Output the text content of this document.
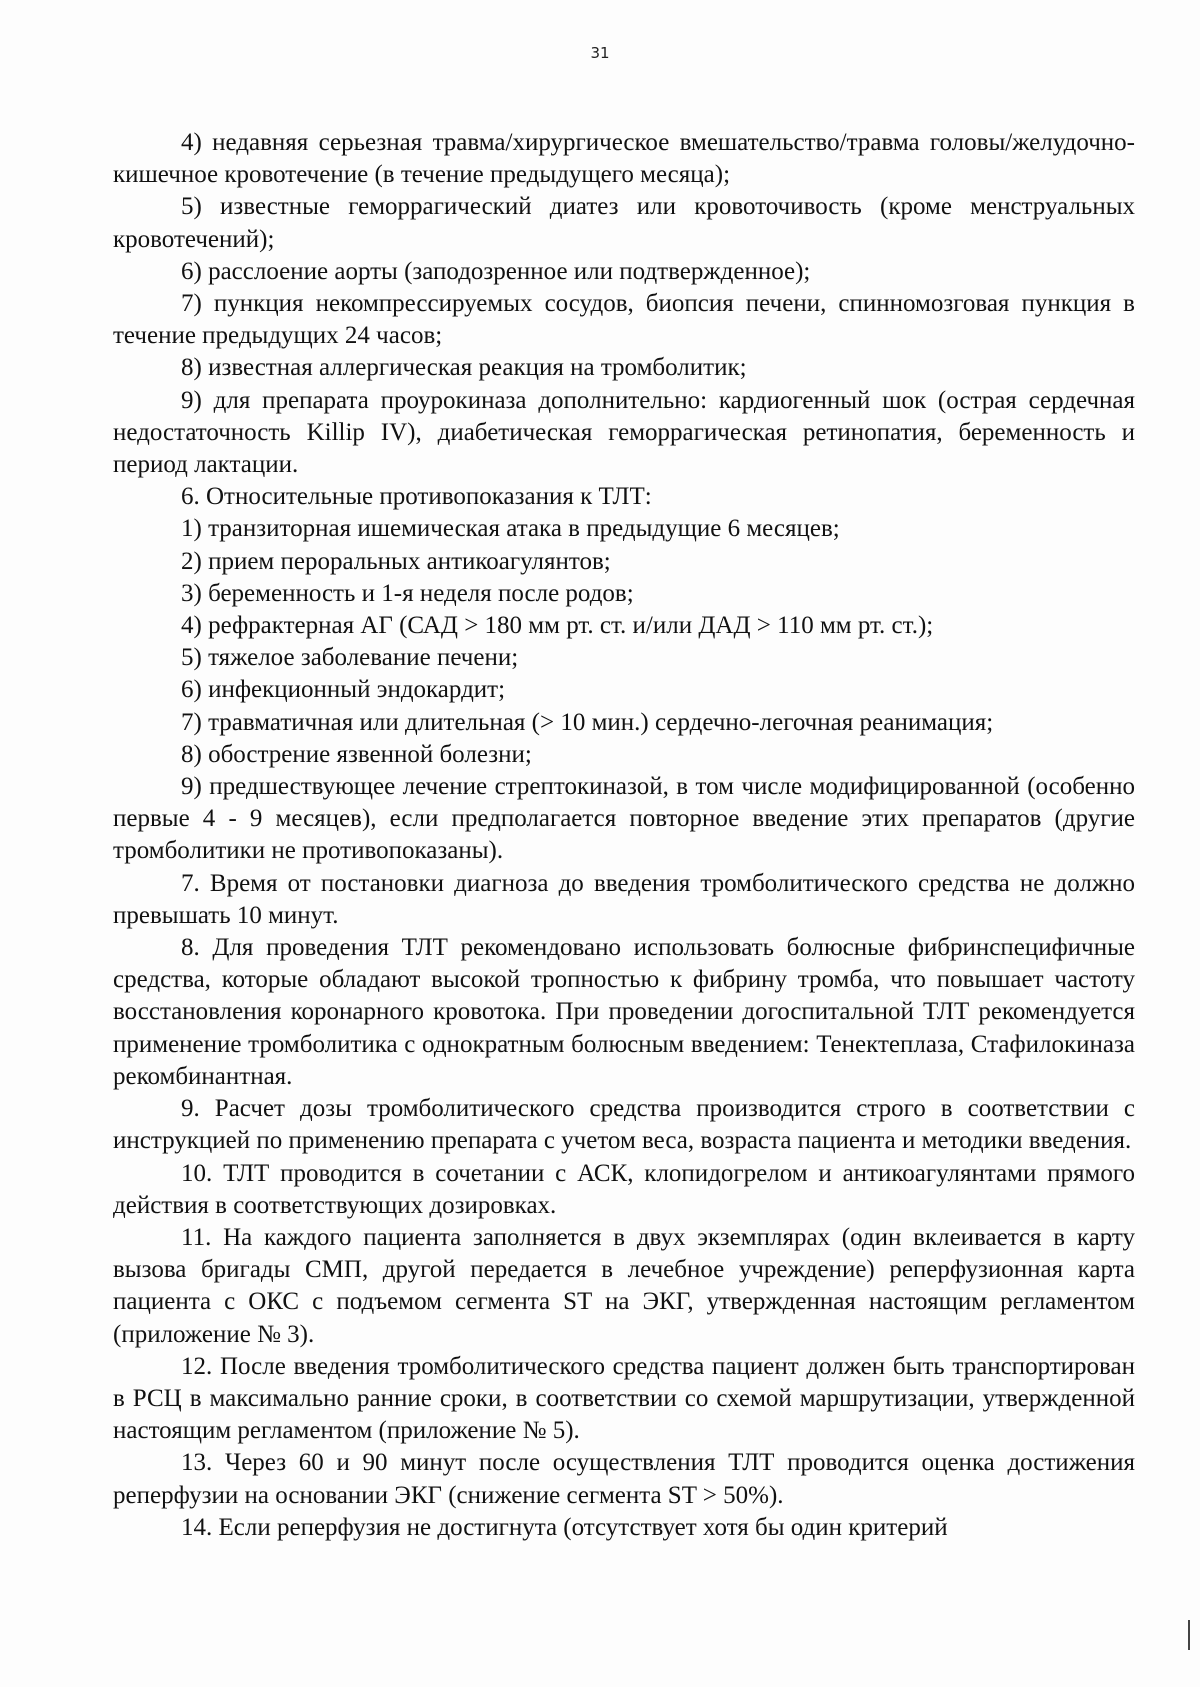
31

4) недавняя серьезная травма/хирургическое вмешательство/травма головы/желудочно-кишечное кровотечение (в течение предыдущего месяца);

5) известные геморрагический диатез или кровоточивость (кроме менструальных кровотечений);

6) расслоение аорты (заподозренное или подтвержденное);

7) пункция некомпрессируемых сосудов, биопсия печени, спинномозговая пункция в течение предыдущих 24 часов;

8) известная аллергическая реакция на тромболитик;

9) для препарата проурокиназа дополнительно: кардиогенный шок (острая сердечная недостаточность Killip IV), диабетическая геморрагическая ретинопатия, беременность и период лактации.

6. Относительные противопоказания к ТЛТ:

1) транзиторная ишемическая атака в предыдущие 6 месяцев;

2) прием пероральных антикоагулянтов;

3) беременность и 1-я неделя после родов;

4) рефрактерная АГ (САД > 180 мм рт. ст. и/или ДАД > 110 мм рт. ст.);

5) тяжелое заболевание печени;

6) инфекционный эндокардит;

7) травматичная или длительная (> 10 мин.) сердечно-легочная реанимация;

8) обострение язвенной болезни;

9) предшествующее лечение стрептокиназой, в том числе модифицированной (особенно первые 4 - 9 месяцев), если предполагается повторное введение этих препаратов (другие тромболитики не противопоказаны).

7. Время от постановки диагноза до введения тромболитического средства не должно превышать 10 минут.

8. Для проведения ТЛТ рекомендовано использовать болюсные фибринспецифичные средства, которые обладают высокой тропностью к фибрину тромба, что повышает частоту восстановления коронарного кровотока. При проведении догоспитальной ТЛТ рекомендуется применение тромболитика с однократным болюсным введением: Тенектеплаза, Стафилокиназа рекомбинантная.

9. Расчет дозы тромболитического средства производится строго в соответствии с инструкцией по применению препарата с учетом веса, возраста пациента и методики введения.

10. ТЛТ проводится в сочетании с АСК, клопидогрелом и антикоагулянтами прямого действия в соответствующих дозировках.

11. На каждого пациента заполняется в двух экземплярах (один вклеивается в карту вызова бригады СМП, другой передается в лечебное учреждение) реперфузионная карта пациента с ОКС с подъемом сегмента ST на ЭКГ, утвержденная настоящим регламентом (приложение № 3).

12. После введения тромболитического средства пациент должен быть транспортирован в РСЦ в максимально ранние сроки, в соответствии со схемой маршрутизации, утвержденной настоящим регламентом (приложение № 5).

13. Через 60 и 90 минут после осуществления ТЛТ проводится оценка достижения реперфузии на основании ЭКГ (снижение сегмента ST > 50%).

14. Если реперфузия не достигнута (отсутствует хотя бы один критерий
